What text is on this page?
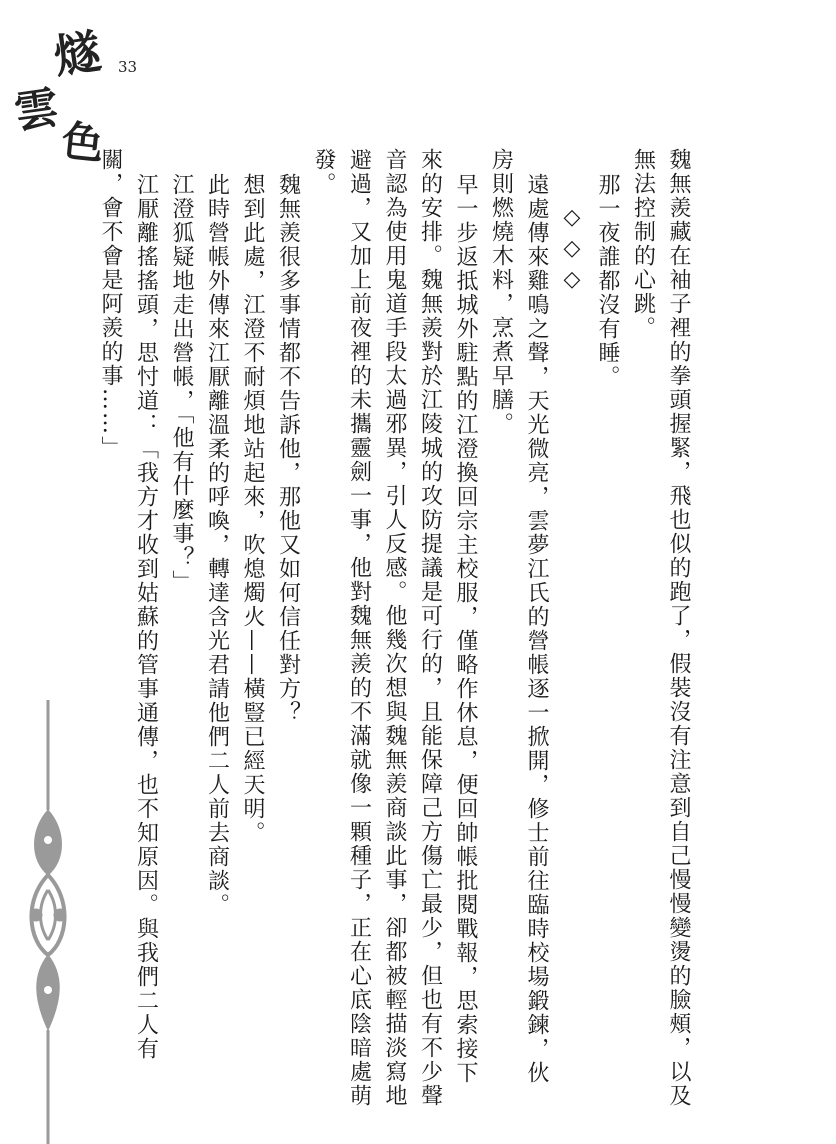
燧
雲
色
33

魏無羨藏在袖子裡的拳頭握緊，飛也似的跑了，假裝沒有注意到自己慢慢變燙的臉頰，以及無法控制的心跳。

那一夜誰都沒有睡。

◇◇◇

遠處傳來雞鳴之聲，天光微亮，雲夢江氏的營帳逐一掀開，修士前往臨時校場鍛鍊，伙房則燃燒木料，烹煮早膳。

早一步返抵城外駐點的江澄換回宗主校服，僅略作休息，便回帥帳批閱戰報，思索接下來的安排。魏無羨對於江陵城的攻防提議是可行的，且能保障己方傷亡最少，但也有不少聲音認為使用鬼道手段太過邪異，引人反感。他幾次想與魏無羨商談此事，卻都被輕描淡寫地避過，又加上前夜裡的未攜靈劍一事，他對魏無羨的不滿就像一顆種子，正在心底陰暗處萌發。

魏無羨很多事情都不告訴他，那他又如何信任對方？

想到此處，江澄不耐煩地站起來，吹熄燭火——橫豎已經天明。

此時營帳外傳來江厭離溫柔的呼喚，轉達含光君請他們二人前去商談。

江澄狐疑地走出營帳，「他有什麼事？」

江厭離搖搖頭，思忖道：「我方才收到姑蘇的管事通傳，也不知原因。與我們二人有關，會不會是阿羨的事……」
